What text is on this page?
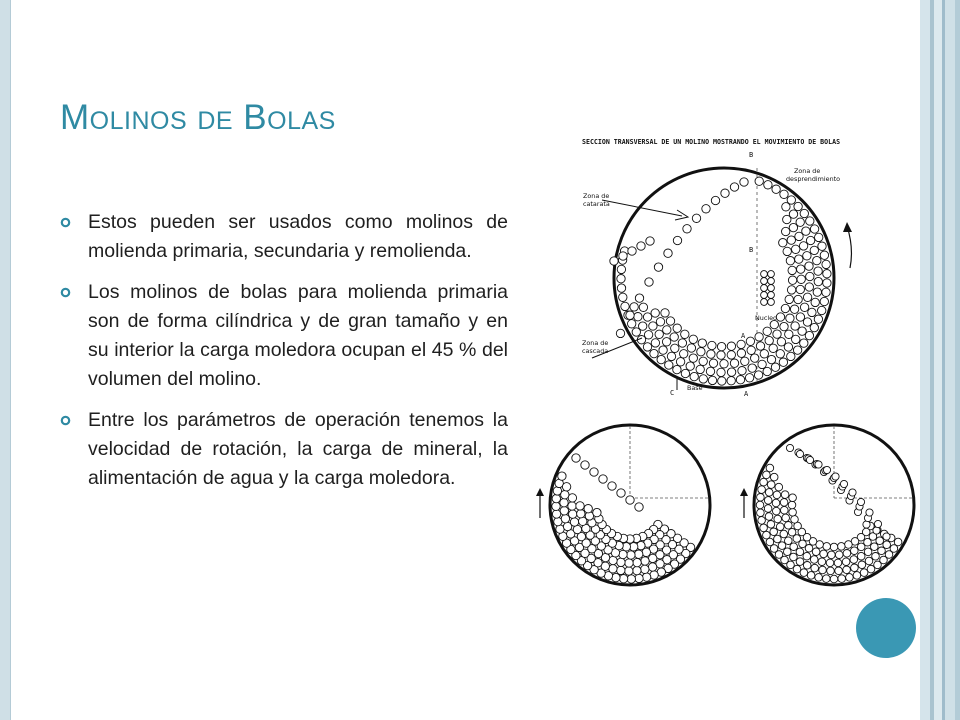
Molinos de Bolas
Estos pueden ser usados como molinos de molienda primaria, secundaria y remolienda.
Los molinos de bolas para molienda primaria son de forma cilíndrica y de gran tamaño y en su interior la carga moledora ocupan el 45 % del volumen del molino.
Entre los parámetros de operación tenemos la velocidad de rotación, la carga de mineral, la alimentación de agua y la carga moledora.
SECCION TRANSVERSAL DE UN MOLINO MOSTRANDO EL MOVIMIENTO DE BOLAS
B
Zona de
desprendimiento
Zona de
catarata
B
Nucleo
Zona de
cascada
A
C
Base
A
